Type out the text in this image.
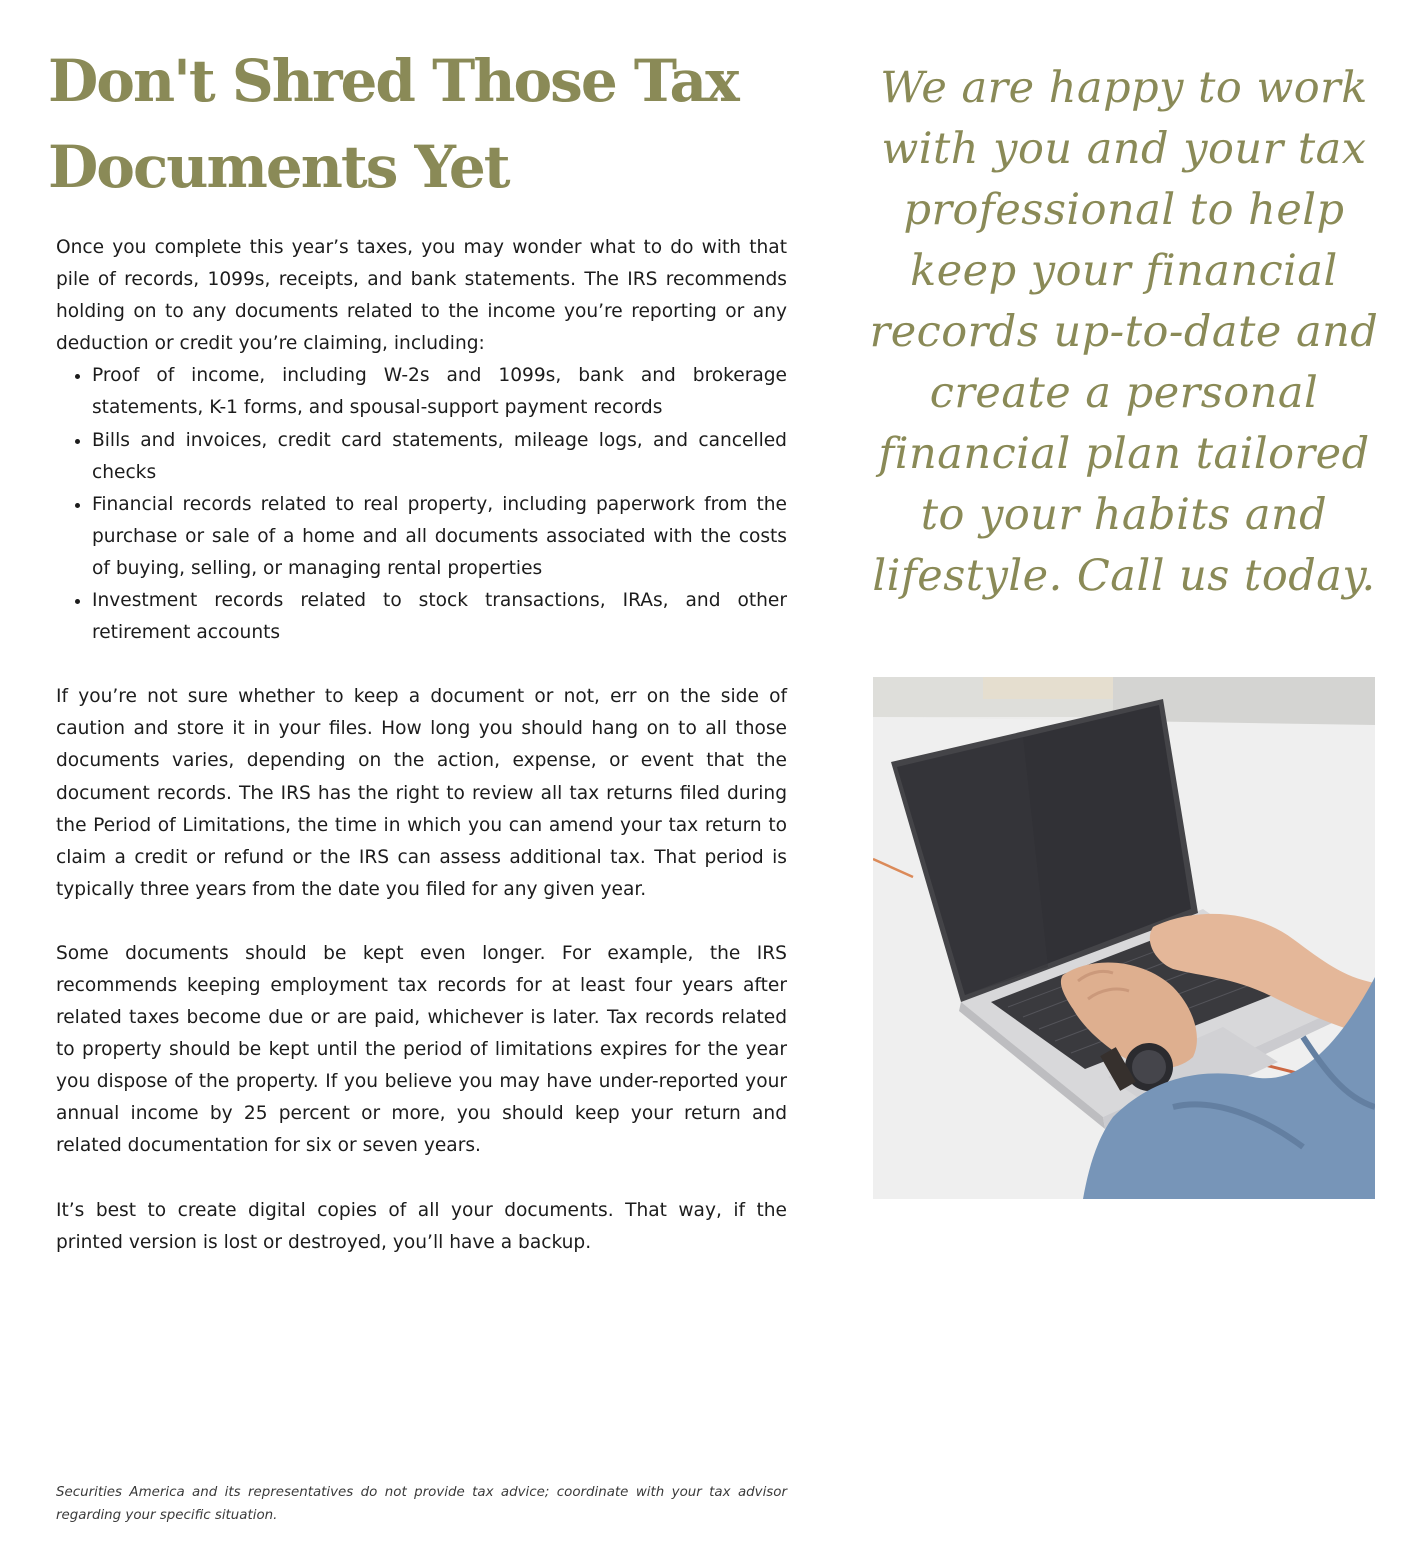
Don't Shred Those Tax Documents Yet

Once you complete this year’s taxes, you may wonder what to do with that pile of records, 1099s, receipts, and bank statements. The IRS recommends holding on to any documents related to the income you’re reporting or any deduction or credit you’re claiming, including:

• Proof of income, including W-2s and 1099s, bank and brokerage statements, K-1 forms, and spousal-support payment records
• Bills and invoices, credit card statements, mileage logs, and cancelled checks
• Financial records related to real property, including paperwork from the purchase or sale of a home and all documents associated with the costs of buying, selling, or managing rental properties
• Investment records related to stock transactions, IRAs, and other retirement accounts

If you’re not sure whether to keep a document or not, err on the side of caution and store it in your files. How long you should hang on to all those documents varies, depending on the action, expense, or event that the document records. The IRS has the right to review all tax returns filed during the Period of Limitations, the time in which you can amend your tax return to claim a credit or refund or the IRS can assess additional tax. That period is typically three years from the date you filed for any given year.

Some documents should be kept even longer. For example, the IRS recommends keeping employment tax records for at least four years after related taxes become due or are paid, whichever is later. Tax records related to property should be kept until the period of limitations expires for the year you dispose of the property. If you believe you may have under-reported your annual income by 25 percent or more, you should keep your return and related documentation for six or seven years.

It’s best to create digital copies of all your documents. That way, if the printed version is lost or destroyed, you’ll have a backup.

Securities America and its representatives do not provide tax advice; coordinate with your tax advisor regarding your specific situation.

We are happy to work with you and your tax professional to help keep your financial records up-to-date and create a personal financial plan tailored to your habits and lifestyle. Call us today.
